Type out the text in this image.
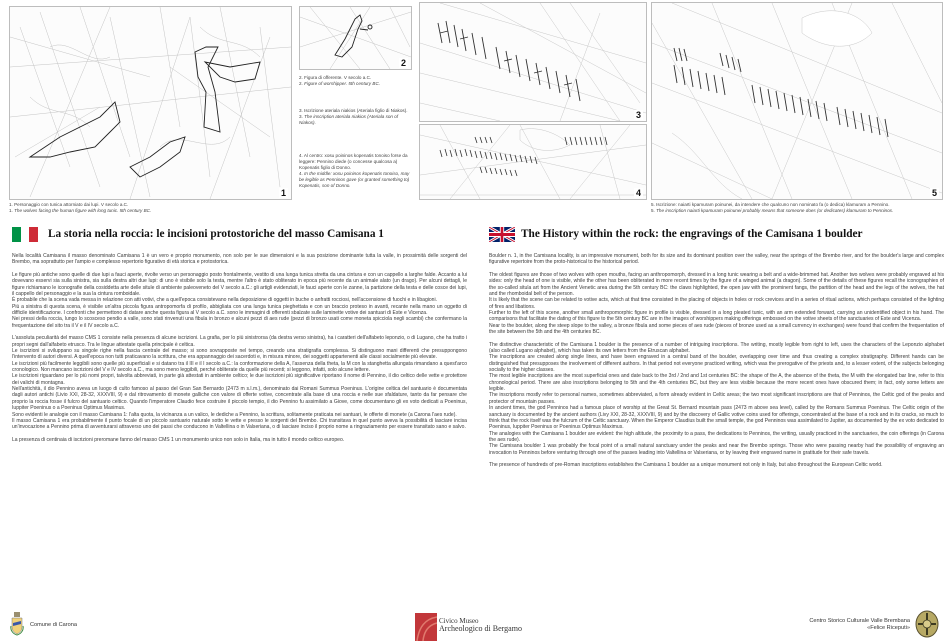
1
1. Personaggio con tunica attorniato dai lupi. V secolo a.C.
1. The wolves facing the human figure with long tunic. 5th century BC.
2
2. Figura di offerente. V secolo a.C.
2. Figure of worshipper. 5th century BC.
3. Iscrizione ateriala niakios (Ateriala figlio di Niakos).
3. The inscription ateriala niakios (Ateriala son of Niakos).
4. Al centro: xosu poininos kopenatis tonoiso forse da leggere: Pennino diede (o concesse qualcosa a) Kopenatis figlio di Donno.
4. In the middle: xosu poininos kopenatis tonoiso, may be legible as Penninos gave (or granted something to) Kopenatis, son of Donno.
3
4	5
5. Iscrizione: naiarti kpamuram poinunei, da intendere che qualcuno non nominato fa (o dedica) klamuram a Pennino.
5. The inscription naiarti kpamuram poinunei probably means that someone does (or dedicates) klamuram to Penninos.
La storia nella roccia: le incisioni protostoriche del masso Camisana 1

Nella località Camisana il masso denominato Camisana 1 è un vero e proprio monumento, non solo per le sue dimensioni e la sua posizione dominante tutta la valle, in prossimità delle sorgenti del Brembo, ma soprattutto per l'ampio e complesso repertorio figurativo di età storica e protostorica.

Le figure più antiche sono quelle di due lupi a fauci aperte, rivolte verso un personaggio posto frontalmente, vestito di una lunga tunica stretta da una cintura e con un cappello a larghe falde. Accanto a lui dovevano esservi sia sulla sinistra, sia sulla destra altri due lupi: di uno è visibile solo la testa, mentre l'altro è stato obliterato in epoca più recente da un animale alato (un drago). Per alcuni dettagli, le figure richiamano le iconografie della cosiddetta arte delle situle di ambiente paleoveneto del V secolo a.C.: gli artigli evidenziati, le fauci aperte con le zanne, la partizione della testa e delle cosce dei lupi, il cappello del personaggio e la sua la cintura romboidale.
È probabile che la scena vada messa in relazione con atti votivi, che a quell'epoca consistevano nella deposizione di oggetti in buche o anfratti rocciosi, nell'accensione di fuochi e in libagioni.
Più a sinistra di questa scena, è visibile un'altra piccola figura antropomorfa di profilo, abbigliata con una lunga tunica pieghettata e con un braccio proteso in avanti, recante nella mano un oggetto di difficile identificazione. I confronti che permettono di datare anche questa figura al V secolo a.C. sono le immagini di offerenti sbalzate sulle laminette votive dei santuari di Este e Vicenza.
Nei pressi della roccia, lungo lo scosceso pendio a valle, sono stati rinvenuti una fibula in bronzo e alcuni pezzi di aes rude (pezzi di bronzo usati come moneta spicciola negli scambi) che confermano la frequentazione del sito tra il V e il IV secolo a.C.

L'assoluta peculiarità del masso CMS 1 consiste nella presenza di alcune iscrizioni. La grafia, per lo più sinistrorsa (da destra verso sinistra), ha i caratteri dell'alfabeto leponzio, o di Lugano, che ha tratto i propri segni dall'alfabeto etrusco. Tra le lingue attestate quella principale è celtica.
Le iscrizioni si sviluppano su singole righe nella fascia centrale del masso; si sono sovrapposte nel tempo, creando una stratigrafia complessa. Si distinguono mani differenti che presuppongono l'intervento di autori diversi. A quell'epoca non tutti praticavano la scrittura, che era appannaggio dei sacerdoti e, in misura minore, dei soggetti appartenenti alle classi socialmente più elevate.
Le iscrizioni più facilmente leggibili sono quelle più superficiali e si datano tra il III e il I secolo a.C.: la conformazione della A, l'assenza della theta, la M con la stanghetta allungata rimandano a quest'arco cronologico. Non mancano iscrizioni del V e IV secolo a.C., ma sono meno leggibili, perché obliterate da quelle più recenti; si leggono, infatti, solo alcune lettere.
Le iscrizioni riguardano per lo più nomi propri, talvolta abbreviati, in parte già attestati in ambiente celtico; le due iscrizioni più significative riportano il nome di Pennino, il dio celtico delle vette e protettore dei valichi di montagna.
Nell'antichità, il dio Pennino aveva un luogo di culto famoso al passo del Gran San Bernardo (2473 m s.l.m.), denominato dai Romani Summus Poeninus. L'origine celtica del santuario è documentata dagli autori antichi (Livio XXI, 28-32, XXXVIII, 9) e dal ritrovamento di monete galliche con valore di offerte votive, concentrate alla base di una roccia e nelle sue sfaldature, tanto da far pensare che proprio la roccia fosse il fulcro del santuario celtico. Quando l'imperatore Claudio fece costruire il piccolo tempio, il dio Pennino fu assimilato a Giove, come documentano gli ex voto dedicati a Poeninus, Iuppiter Poeninus o a Poeninus Optimus Maximus.
Sono evidenti le analogie con il masso Camisana 1: l'alta quota, la vicinanza a un valico, le dediche a Pennino, la scrittura, solitamente praticata nei santuari, le offerte di monete (a Carona l'aes rude).
Il masso Camisana 1 era probabilmente il punto focale di un piccolo santuario naturale sotto le vette e presso le sorgenti del Brembo. Chi transitava in quel punto aveva la possibilità di lasciare incisa un'invocazione a Pennino prima di avventurarsi attraverso uno dei passi che conducono in Valtellina o in Valseriana, o di lasciare inciso il proprio nome a ringraziamento per essere transitato sano e salvo.

La presenza di centinaia di iscrizioni preromane fanno del masso CMS 1 un monumento unico non solo in Italia, ma in tutto il mondo celtico europeo.

The History within the rock: the engravings of the Camisana 1 boulder

Boulder n. 1, in the Camisana locality, is an impressive monument, both for its size and its dominant position over the valley, near the springs of the Brembo river, and for the boulder's large and complex figurative repertoire from the proto-historical to the historical period.

The oldest figures are those of two wolves with open mouths, facing an anthropomorph, dressed in a long tunic wearing a belt and a wide-brimmed hat. Another two wolves were probably engraved at his sides: only the head of one is visible, while the other has been obliterated in more recent times by the figure of a winged animal (a dragon). Some of the details of these figures recall the iconographies of the so-called situla art from the Ancient Venetic area during the 5th century BC: the claws highlighted, the open jaw with the prominent fangs, the partition of the head and the legs of the wolves, the hat and the rhomboidal belt of the person.
It is likely that the scene can be related to votive acts, which at that time consisted in the placing of objects in holes or rock crevices and in a series of ritual actions, which perhaps consisted of the lighting of fires and libations.
Further to the left of this scene, another small anthropomorphic figure in profile is visible, dressed in a long pleated tunic, with an arm extended forward, carrying an unidentified object in his hand. The comparisons that facilitate the dating of this figure to the 5th century BC are in the images of worshippers making offerings embossed on the votive sheets of the sanctuaries of Este and Vicenza.
Near to the boulder, along the steep slope to the valley, a bronze fibula and some pieces of aes rude (pieces of bronze used as a small currency in exchanges) were found that confirm the frequentation of the site between the 5th and the 4th centuries BC.

The distinctive characteristic of the Camisana 1 boulder is the presence of a number of intriguing inscriptions. The writing, mostly legible from right to left, uses the characters of the Leponzio alphabet (also called Lugano alphabet), which has taken its own letters from the Etruscan alphabet.
The inscriptions are created along single lines, and have been engraved in a central band of the boulder, overlapping over time and thus creating a complex stratigraphy. Different hands can be distinguished that presupposes the involvement of different authors. In that period not everyone practiced writing, which was the prerogative of the priests and, to a lesser extent, of the subjects belonging socially to the higher classes.
The most legible inscriptions are the most superficial ones and date back to the 3rd / 2nd and 1st centuries BC: the shape of the A, the absence of the theta, the M with the elongated bar line, refer to this chronological period. There are also inscriptions belonging to 5th and the 4th centuries BC, but they are less visible because the more recent ones have obscured them; in fact, only some letters are legible.
The inscriptions mostly refer to personal names, sometimes abbreviated, a form already evident in Celtic areas; the two most significant inscriptions are that of Penninos, the Celtic god of the peaks and protector of mountain passes.
In ancient times, the god Penninos had a famous place of worship at the Great St. Bernard mountain pass (2473 m above sea level), called by the Romans Summus Poeninus. The Celtic origin of the sanctuary is documented by the ancient authors (Livy XXI, 28-32, XXXVIII, 9) and by the discovery of Gallic votive coins used for offerings, concentrated at the base of a rock and in its cracks, so much to think that the rock itself was the fulcrum of the Celtic sanctuary. When the Emperor Claudius built the small temple, the god Penninos was assimilated to Jupiter, as documented by the ex voto dedicated to Poeninus, Iuppiter Poeninus or Poeninus Optimus Maximus.
The analogies with the Camisana 1 boulder are evident: the high altitude, the proximity to a pass, the dedications to Penninos, the writing, usually practiced in the sanctuaries, the coin offerings (in Carona the aes rude).
The Camisana boulder 1 was probably the focal point of a small natural sanctuary under the peaks and near the Brembo springs. Those who were passing nearby had the possibility of engraving an invocation to Penninos before venturing through one of the passes leading into Valtellina or Valseriana, or by leaving their engraved name in gratitude for their safe travels.

The presence of hundreds of pre-Roman inscriptions establishes the Camisana 1 boulder as a unique monument not only in Italy, but also throughout the European Celtic world.

Comune di Carona	Civico Museo
Archeologico di Bergamo
Centro Storico Culturale Valle Brembana
«Felice Riceputi»
